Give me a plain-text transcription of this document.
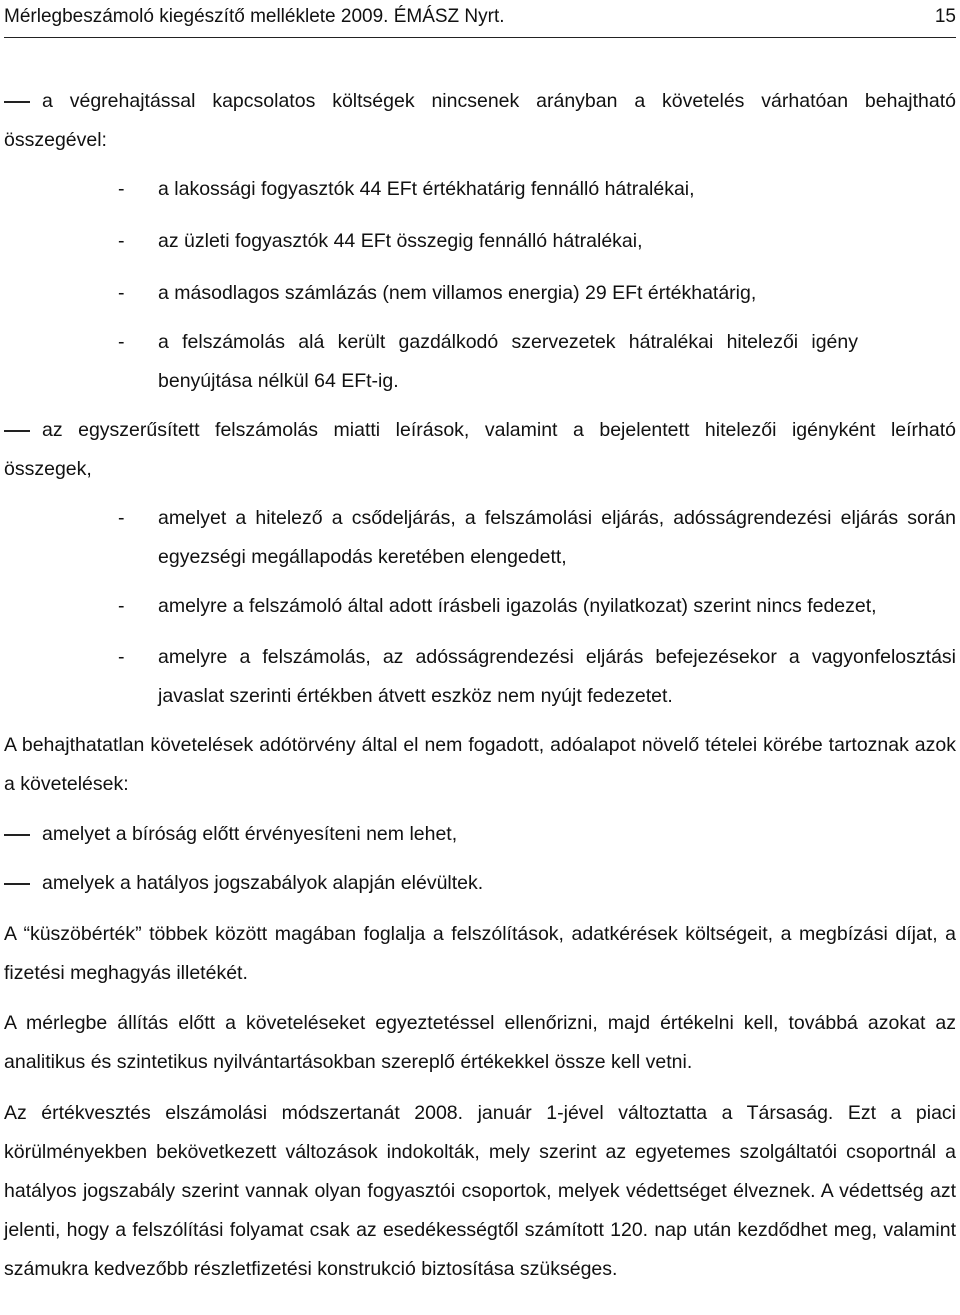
Mérlegbeszámoló kiegészítő melléklete 2009. ÉMÁSZ Nyrt.	15
a végrehajtással kapcsolatos költségek nincsenek arányban a követelés várhatóan behajtható

összegével:

-	a lakossági fogyasztók 44 EFt értékhatárig fennálló hátralékai,
-	az üzleti fogyasztók 44 EFt összegig fennálló hátralékai,
-	a másodlagos számlázás (nem villamos energia) 29 EFt értékhatárig,
-	a felszámolás alá került gazdálkodó szervezetek hátralékai hitelezői igény benyújtása nélkül 64 EFt-ig.
az egyszerűsített felszámolás miatti leírások, valamint a bejelentett hitelezői igényként leírható

összegek,

-	amelyet a hitelező a csődeljárás, a felszámolási eljárás, adósságrendezési eljárás során egyezségi megállapodás keretében elengedett,
-	amelyre a felszámoló által adott írásbeli igazolás (nyilatkozat) szerint nincs fedezet,
-	amelyre a felszámolás, az adósságrendezési eljárás befejezésekor a vagyonfelosztási javaslat szerinti értékben átvett eszköz nem nyújt fedezetet.

A behajthatatlan követelések adótörvény által el nem fogadott, adóalapot növelő tételei körébe tartoznak azok a követelések:

amelyet a bíróság előtt érvényesíteni nem lehet,
amelyek a hatályos jogszabályok alapján elévültek.

A “küszöbérték” többek között magában foglalja a felszólítások, adatkérések költségeit, a megbízási díjat, a fizetési meghagyás illetékét.

A mérlegbe állítás előtt a követeléseket egyeztetéssel ellenőrizni, majd értékelni kell, továbbá azokat az analitikus és szintetikus nyilvántartásokban szereplő értékekkel össze kell vetni.

Az értékvesztés elszámolási módszertanát 2008. január 1-jével változtatta a Társaság. Ezt a piaci körülményekben bekövetkezett változások indokolták, mely szerint az egyetemes szolgáltatói csoportnál a hatályos jogszabály szerint vannak olyan fogyasztói csoportok, melyek védettséget élveznek. A védettség azt jelenti, hogy a felszólítási folyamat csak az esedékességtől számított 120. nap után kezdődhet meg, valamint számukra kedvezőbb részletfizetési konstrukció biztosítása szükséges.
